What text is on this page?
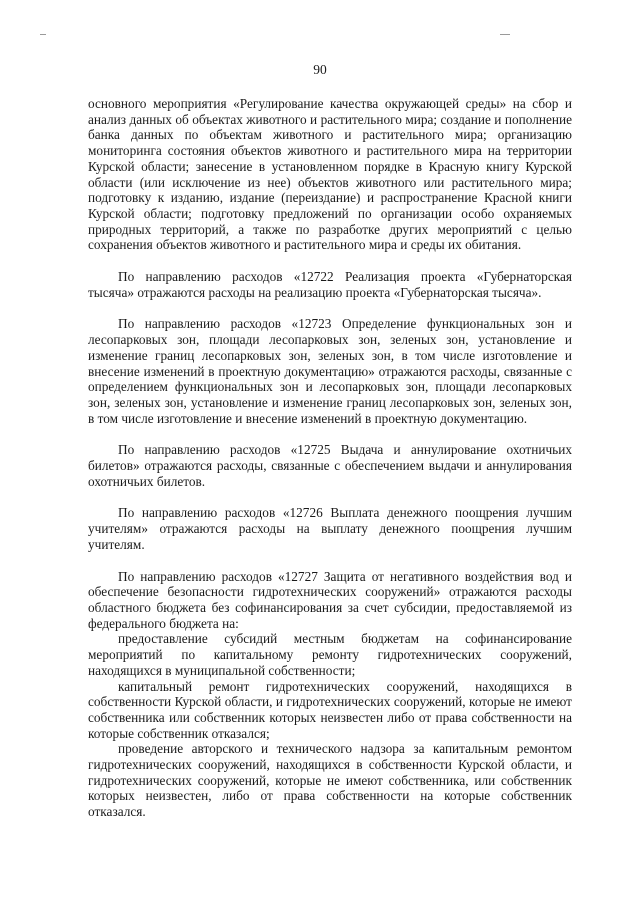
90

основного мероприятия «Регулирование качества окружающей среды» на сбор и анализ данных об объектах животного и растительного мира; создание и пополнение банка данных по объектам животного и растительного мира; организацию мониторинга состояния объектов животного и растительного мира на территории Курской области; занесение в установленном порядке в Красную книгу Курской области (или исключение из нее) объектов животного или растительного мира; подготовку к изданию, издание (переиздание) и распространение Красной книги Курской области; подготовку предложений по организации особо охраняемых природных территорий, а также по разработке других мероприятий с целью сохранения объектов животного и растительного мира и среды их обитания.

По направлению расходов «12722 Реализация проекта «Губернаторская тысяча» отражаются расходы на реализацию проекта «Губернаторская тысяча».

По направлению расходов «12723 Определение функциональных зон и лесопарковых зон, площади лесопарковых зон, зеленых зон, установление и изменение границ лесопарковых зон, зеленых зон, в том числе изготовление и внесение изменений в проектную документацию» отражаются расходы, связанные с определением функциональных зон и лесопарковых зон, площади лесопарковых зон, зеленых зон, установление и изменение границ лесопарковых зон, зеленых зон, в том числе изготовление и внесение изменений в проектную документацию.

По направлению расходов «12725 Выдача и аннулирование охотничьих билетов» отражаются расходы, связанные с обеспечением выдачи и аннулирования охотничьих билетов.

По направлению расходов «12726 Выплата денежного поощрения лучшим учителям» отражаются расходы на выплату денежного поощрения лучшим учителям.

По направлению расходов «12727 Защита от негативного воздействия вод и обеспечение безопасности гидротехнических сооружений» отражаются расходы областного бюджета без софинансирования за счет субсидии, предоставляемой из федерального бюджета на:

предоставление субсидий местным бюджетам на софинансирование мероприятий по капитальному ремонту гидротехнических сооружений, находящихся в муниципальной собственности;

капитальный ремонт гидротехнических сооружений, находящихся в собственности Курской области, и гидротехнических сооружений, которые не имеют собственника или собственник которых неизвестен либо от права собственности на которые собственник отказался;

проведение авторского и технического надзора за капитальным ремонтом гидротехнических сооружений, находящихся в собственности Курской области, и гидротехнических сооружений, которые не имеют собственника, или собственник которых неизвестен, либо от права собственности на которые собственник отказался.
